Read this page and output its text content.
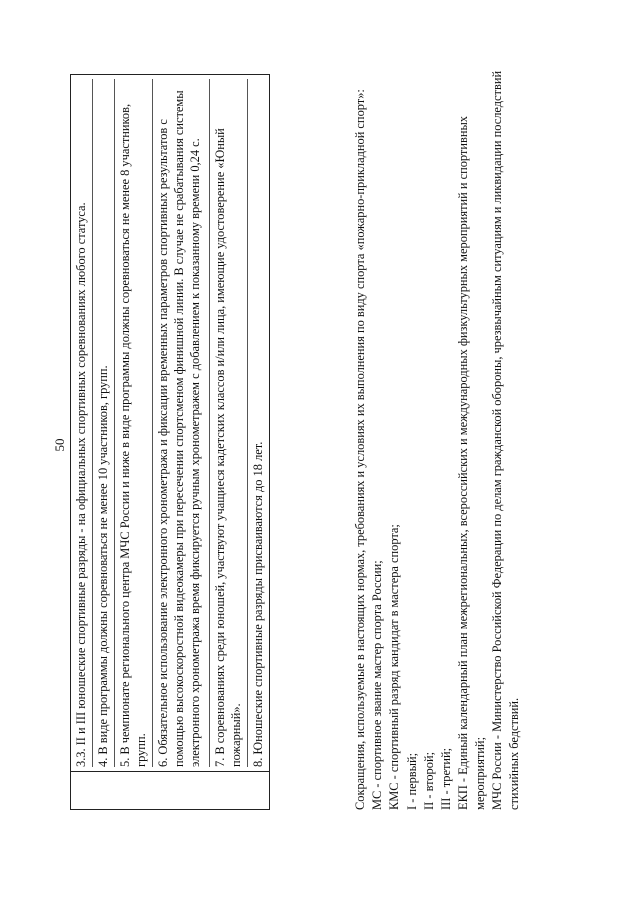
50
	3.3. II и III юношеские спортивные разряды - на официальных спортивных соревнованиях любого статуса. 4. В виде программы должны соревноваться не менее 10 участников, групп. 5. В чемпионате регионального центра МЧС России и ниже в виде программы должны соревноваться не менее 8 участников, групп. 6. Обязательное использование электронного хронометража и фиксации временных параметров спортивных результатов с помощью высокоскоростной видеокамеры при пересечении спортсменом финишной линии. В случае не срабатывания системы электронного хронометража время фиксируется ручным хронометражем с добавлением к показанному времени 0,24 с. 7. В соревнованиях среди юношей, участвуют учащиеся кадетских классов и/или лица, имеющие удостоверение «Юный пожарный». 8. Юношеские спортивные разряды присваиваются до 18 лет.	Сокращения, используемые в настоящих нормах, требованиях и условиях их выполнения по виду спорта «пожарно-прикладной спорт»: МС - спортивное звание мастер спорта России; КМС - спортивный разряд кандидат в мастера спорта; I - первый; II - второй; III - третий; ЕКП - Единый календарный план межрегиональных, всероссийских и международных физкультурных мероприятий и спортивных мероприятий; МЧС России - Министерство Российской Федерации по делам гражданской обороны, чрезвычайным ситуациям и ликвидации последствий стихийных бедствий.
